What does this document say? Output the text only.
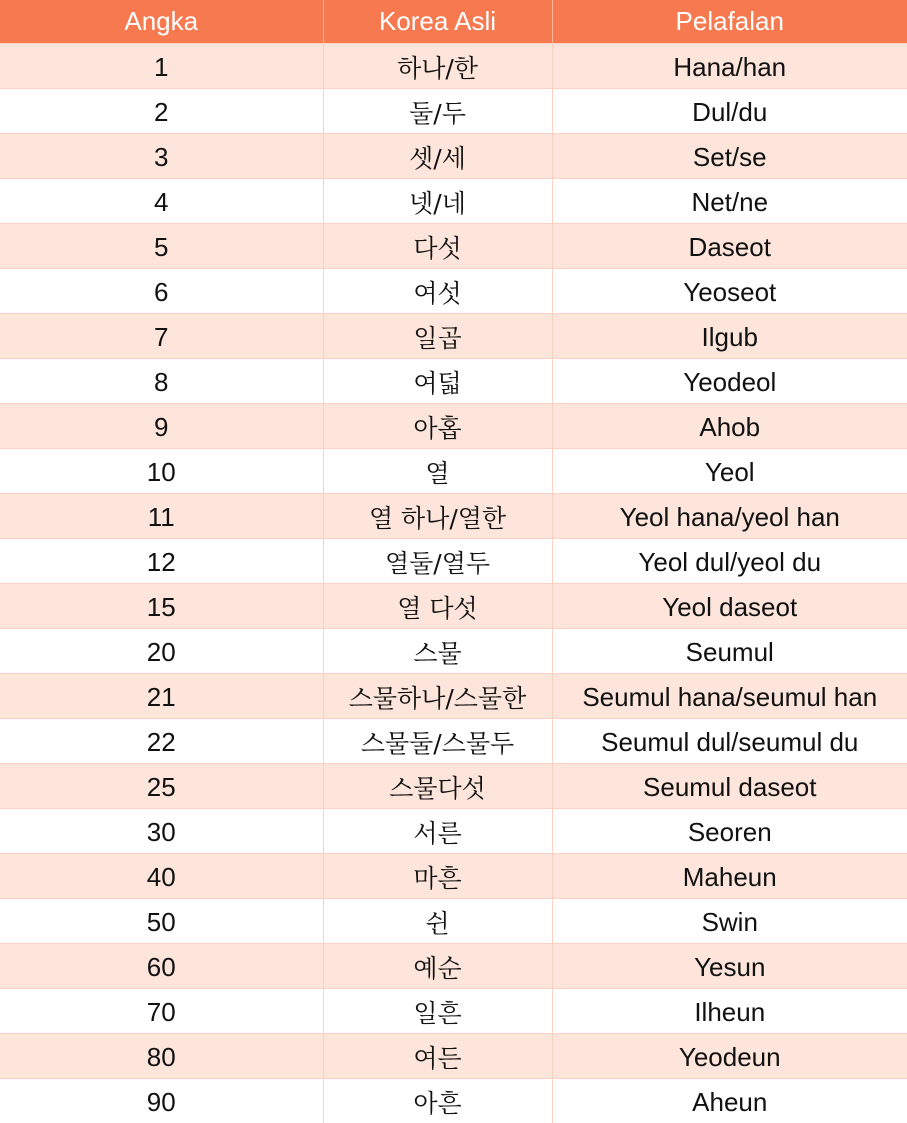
Angka	Korea Asli	Pelafalan
1	하나/한	Hana/han
2	둘/두	Dul/du
3	셋/세	Set/se
4	넷/네	Net/ne
5	다섯	Daseot
6	여섯	Yeoseot
7	일곱	Ilgub
8	여덟	Yeodeol
9	아홉	Ahob
10	열	Yeol
11	열 하나/열한	Yeol hana/yeol han
12	열둘/열두	Yeol dul/yeol du
15	열 다섯	Yeol daseot
20	스물	Seumul
21	스물하나/스물한	Seumul hana/seumul han
22	스물둘/스물두	Seumul dul/seumul du
25	스물다섯	Seumul daseot
30	서른	Seoren
40	마흔	Maheun
50	쉰	Swin
60	예순	Yesun
70	일흔	Ilheun
80	여든	Yeodeun
90	아흔	Aheun
